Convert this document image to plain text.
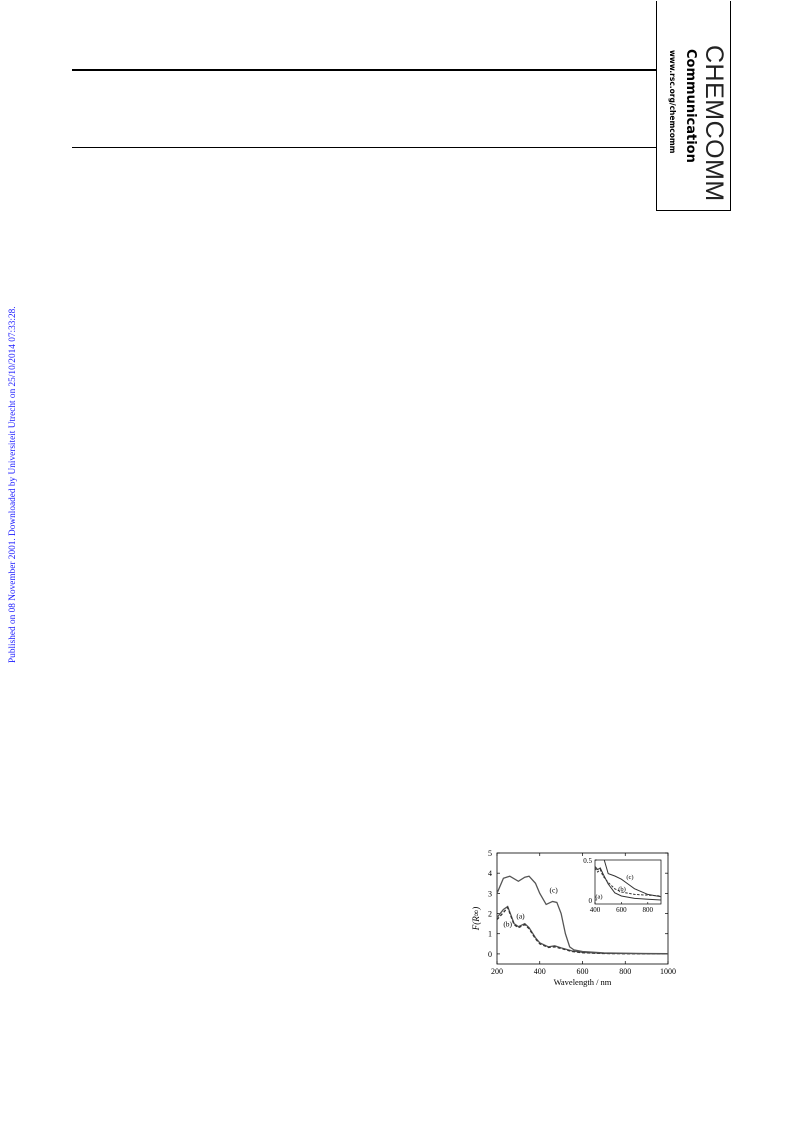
CHEMCOMM
Communication
www.rsc.org/chemcomm
Published on 08 November 2001. Downloaded by Universiteit Utrecht on 25/10/2014 07:33:28.
200	400	600	800	1000
0
1
2
3
4
5
Wavelength / nm
F(R∞)	(a)
(b)
(c)
400 600 800
0
0.5
(a)
(b)
(c)
